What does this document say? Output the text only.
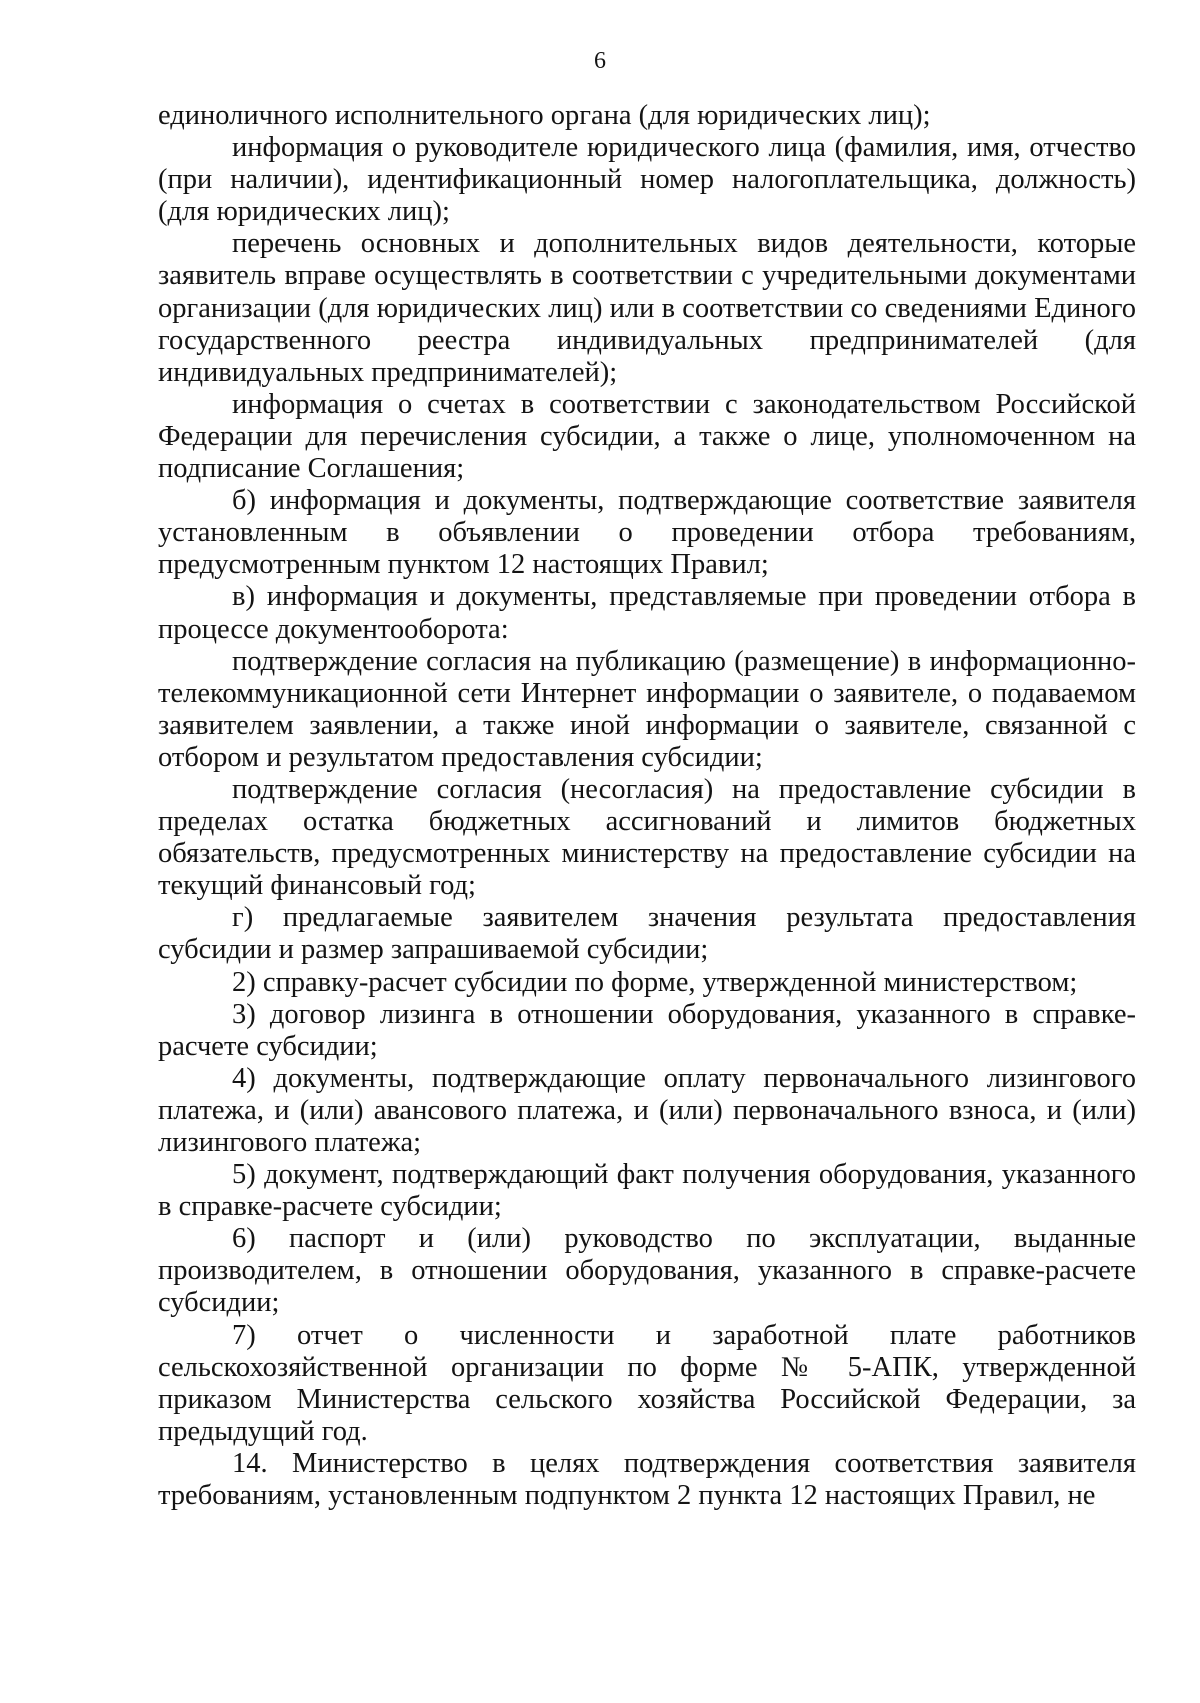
6

единоличного исполнительного органа (для юридических лиц);

информация о руководителе юридического лица (фамилия, имя, отчество (при наличии), идентификационный номер налогоплательщика, должность) (для юридических лиц);

перечень основных и дополнительных видов деятельности, которые заявитель вправе осуществлять в соответствии с учредительными документами организации (для юридических лиц) или в соответствии со сведениями Единого государственного реестра индивидуальных предпринимателей (для индивидуальных предпринимателей);

информация о счетах в соответствии с законодательством Российской Федерации для перечисления субсидии, а также о лице, уполномоченном на подписание Соглашения;

б) информация и документы, подтверждающие соответствие заявителя установленным в объявлении о проведении отбора требованиям, предусмотренным пунктом 12 настоящих Правил;

в) информация и документы, представляемые при проведении отбора в процессе документооборота:

подтверждение согласия на публикацию (размещение) в информационно-телекоммуникационной сети Интернет информации о заявителе, о подаваемом заявителем заявлении, а также иной информации о заявителе, связанной с отбором и результатом предоставления субсидии;

подтверждение согласия (несогласия) на предоставление субсидии в пределах остатка бюджетных ассигнований и лимитов бюджетных обязательств, предусмотренных министерству на предоставление субсидии на текущий финансовый год;

г) предлагаемые заявителем значения результата предоставления субсидии и размер запрашиваемой субсидии;

2) справку-расчет субсидии по форме, утвержденной министерством;

3) договор лизинга в отношении оборудования, указанного в справке-расчете субсидии;

4) документы, подтверждающие оплату первоначального лизингового платежа, и (или) авансового платежа, и (или) первоначального взноса, и (или) лизингового платежа;

5) документ, подтверждающий факт получения оборудования, указанного в справке-расчете субсидии;

6) паспорт и (или) руководство по эксплуатации, выданные производителем, в отношении оборудования, указанного в справке-расчете субсидии;

7) отчет о численности и заработной плате работников сельскохозяйственной организации по форме № 5-АПК, утвержденной приказом Министерства сельского хозяйства Российской Федерации, за предыдущий год.

14. Министерство в целях подтверждения соответствия заявителя требованиям, установленным подпунктом 2 пункта 12 настоящих Правил, не
